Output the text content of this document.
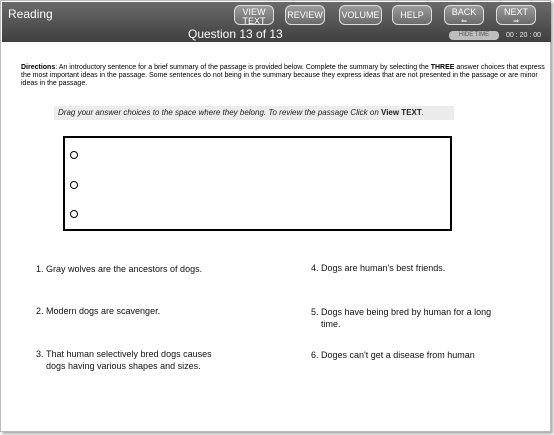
Reading
Question 13 of 13
VIEW
TEXT
REVIEW VOLUME	HELP	BACK
⇐
NEXT
⇒
HIDE TIME	00 : 20 : 00
Directions: An introductory sentence for a brief summary of the passage is provided below. Complete the summary by selecting the THREE answer choices that express the most important ideas in the passage. Some sentences do not being in the summary because they express ideas that are not presented in the passage or are minor ideas in the passage.
Drag your answer choices to the space where they belong. To review the passage Click on View TEXT.
1. Gray wolves are the ancestors of dogs.
2. Modern dogs are scavenger.
3. That human selectively bred dogs causes
dogs having various shapes and sizes.
4. Dogs are human's best friends.
5. Dogs have being bred by human for a long
time.
6. Doges can't get a disease from human
